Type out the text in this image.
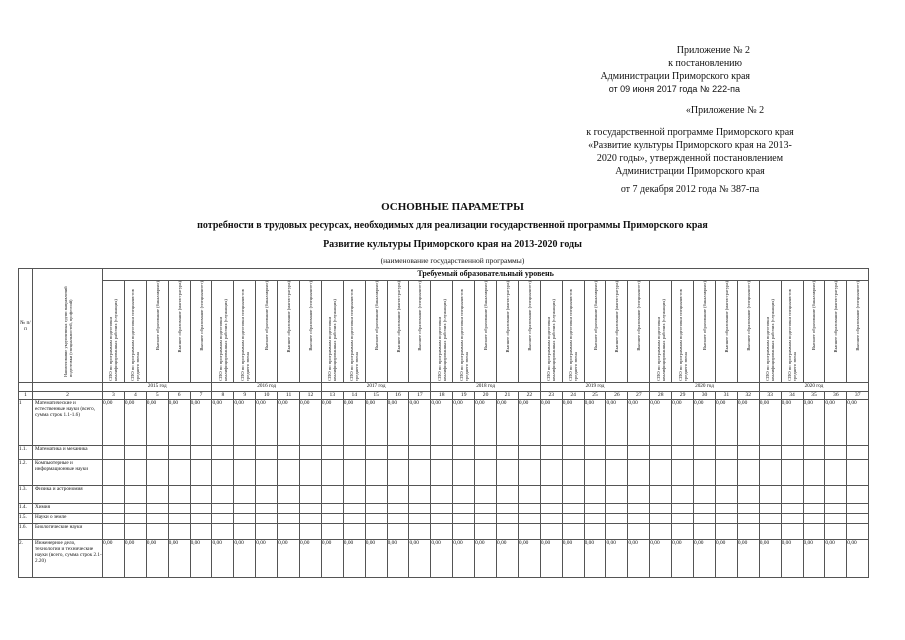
Приложение № 2
к постановлению
Администрации Приморского края
от 09 июня 2017 года № 222-па
«Приложение № 2
к государственной программе Приморского края
«Развитие культуры Приморского края на 2013-
2020 годы», утвержденной постановлением
Администрации Приморского края
от 7 декабря 2012 года № 387-па
ОСНОВНЫЕ ПАРАМЕТРЫ
потребности в трудовых ресурсах, необходимых для реализации государственной программы Приморского края
Развитие культуры Приморского края на 2013-2020 годы
(наименование государственной программы)
№ п/п	Наименование укрупненных групп направлений подготовки (специальностей, профессий)	Требуемый образовательный уровень																																		

		СПО по программам подготовки квалифицированных рабочих (служащих)	СПО по программам подготовки специалистов среднего звена	Высшее образование (бакалавриат)	Высшее образование (магистратура)	Высшее образование (специалитет)	СПО по программам подготовки квалифицированных рабочих (служащих)	СПО по программам подготовки специалистов среднего звена	Высшее образование (бакалавриат)	Высшее образование (магистратура)	Высшее образование (специалитет)	СПО по программам подготовки квалифицированных рабочих (служащих)	СПО по программам подготовки специалистов среднего звена	Высшее образование (бакалавриат)	Высшее образование (магистратура)	Высшее образование (специалитет)	СПО по программам подготовки квалифицированных рабочих (служащих)	СПО по программам подготовки специалистов среднего звена	Высшее образование (бакалавриат)	Высшее образование (магистратура)	Высшее образование (специалитет)	СПО по программам подготовки квалифицированных рабочих (служащих)	СПО по программам подготовки специалистов среднего звена	Высшее образование (бакалавриат)	Высшее образование (магистратура)	Высшее образование (специалитет)	СПО по программам подготовки квалифицированных рабочих (служащих)	СПО по программам подготовки специалистов среднего звена	Высшее образование (бакалавриат)	Высшее образование (магистратура)	Высшее образование (специалитет)	СПО по программам подготовки квалифицированных рабочих (служащих)	СПО по программам подготовки специалистов среднего звена	Высшее образование (бакалавриат)	Высшее образование (магистратура)	Высшее образование (специалитет)

		2015 год					2016 год					2017 год					2018 год					2019 год					2020 год					2020 год				
1	2	3	4	5	6	7	8	9	10	11	12	13	14	15	16	17	18	19	20	21	22	23	24	25	26	27	28	29	30	31	32	33	34	35	36	37
1	Математические и естественные науки (всего, сумма строк 1.1-1.6)	0,00	0,00	0,00	0,00	0,00	0,00	0,00	0,00	0,00	0,00	0,00	0,00	0,00	0,00	0,00	0,00	0,00	0,00	0,00	0,00	0,00	0,00	0,00	0,00	0,00	0,00	0,00	0,00	0,00	0,00	0,00	0,00	0,00	0,00	0,00
1.1.	Математика и механика																																			
1.2.	Компьютерные и информационные науки																																			
1.3.	Физика и астрономия																																			
1.4.	Химия																																			
1.5.	Науки о земле																																			
1.6.	Биологические науки																																			
2.	Инженерное дело, технологии и технические науки (всего, сумма строк 2.1-2.20)	0,00	0,00	0,00	0,00	0,00	0,00	0,00	0,00	0,00	0,00	0,00	0,00	0,00	0,00	0,00	0,00	0,00	0,00	0,00	0,00	0,00	0,00	0,00	0,00	0,00	0,00	0,00	0,00	0,00	0,00	0,00	0,00	0,00	0,00	0,00
